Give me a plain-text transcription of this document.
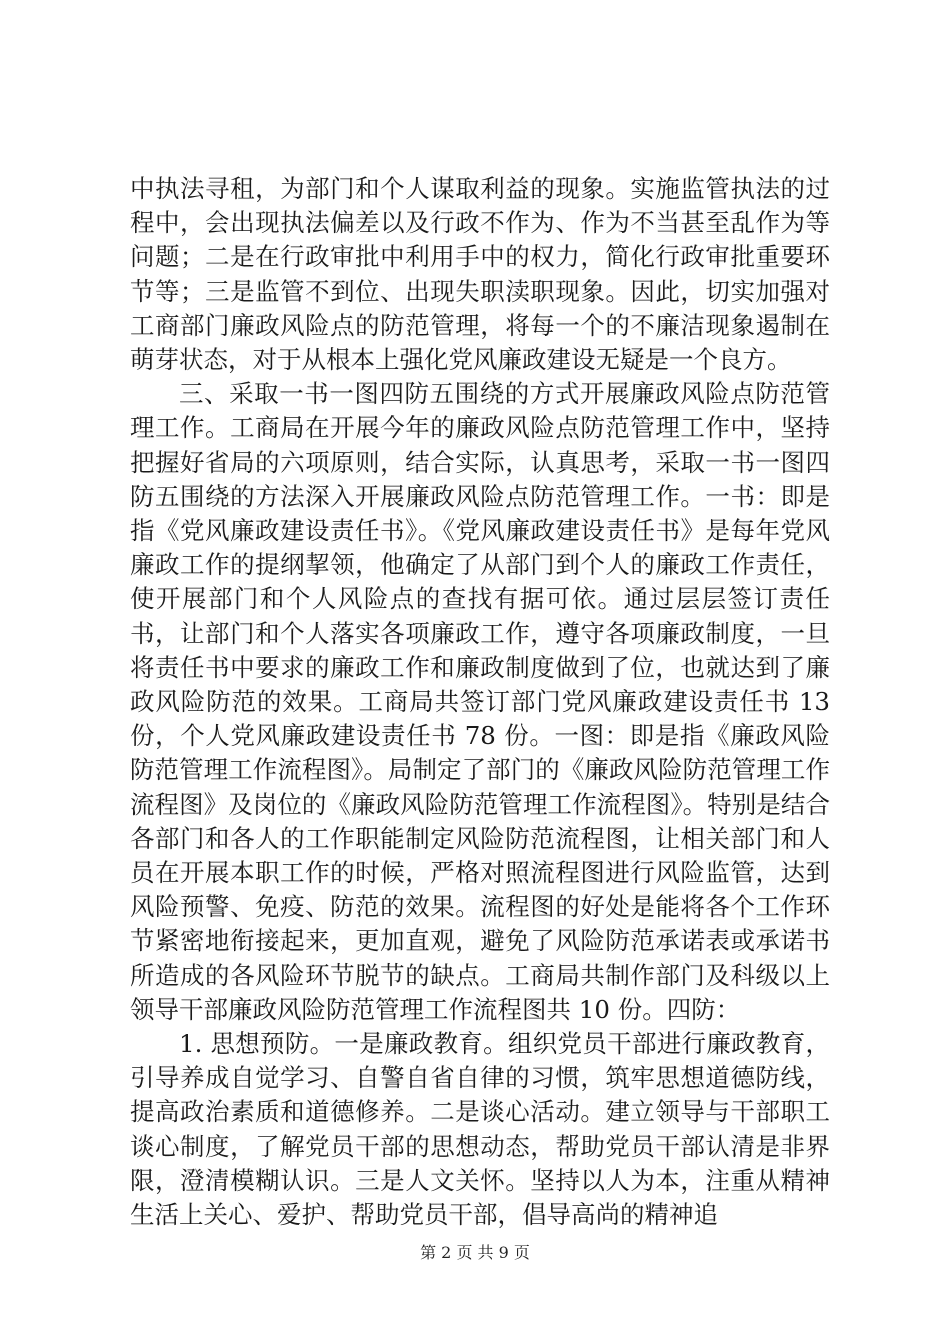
中执法寻租，为部门和个人谋取利益的现象。实施监管执法的过程中，会出现执法偏差以及行政不作为、作为不当甚至乱作为等问题；二是在行政审批中利用手中的权力，简化行政审批重要环节等；三是监管不到位、出现失职渎职现象。因此，切实加强对工商部门廉政风险点的防范管理，将每一个的不廉洁现象遏制在萌芽状态，对于从根本上强化党风廉政建设无疑是一个良方。

三、采取一书一图四防五围绕的方式开展廉政风险点防范管理工作。工商局在开展今年的廉政风险点防范管理工作中，坚持把握好省局的六项原则，结合实际，认真思考，采取一书一图四防五围绕的方法深入开展廉政风险点防范管理工作。一书：即是指《党风廉政建设责任书》。《党风廉政建设责任书》是每年党风廉政工作的提纲挈领，他确定了从部门到个人的廉政工作责任，使开展部门和个人风险点的查找有据可依。通过层层签订责任书，让部门和个人落实各项廉政工作，遵守各项廉政制度，一旦将责任书中要求的廉政工作和廉政制度做到了位，也就达到了廉政风险防范的效果。工商局共签订部门党风廉政建设责任书 13 份，个人党风廉政建设责任书 78 份。一图：即是指《廉政风险防范管理工作流程图》。局制定了部门的《廉政风险防范管理工作流程图》及岗位的《廉政风险防范管理工作流程图》。特别是结合各部门和各人的工作职能制定风险防范流程图，让相关部门和人员在开展本职工作的时候，严格对照流程图进行风险监管，达到风险预警、免疫、防范的效果。流程图的好处是能将各个工作环节紧密地衔接起来，更加直观，避免了风险防范承诺表或承诺书所造成的各风险环节脱节的缺点。工商局共制作部门及科级以上领导干部廉政风险防范管理工作流程图共 10 份。四防：

1. 思想预防。一是廉政教育。组织党员干部进行廉政教育，引导养成自觉学习、自警自省自律的习惯，筑牢思想道德防线，提高政治素质和道德修养。二是谈心活动。建立领导与干部职工谈心制度，了解党员干部的思想动态，帮助党员干部认清是非界限，澄清模糊认识。三是人文关怀。坚持以人为本，注重从精神生活上关心、爱护、帮助党员干部，倡导高尚的精神追

第 2 页 共 9 页
